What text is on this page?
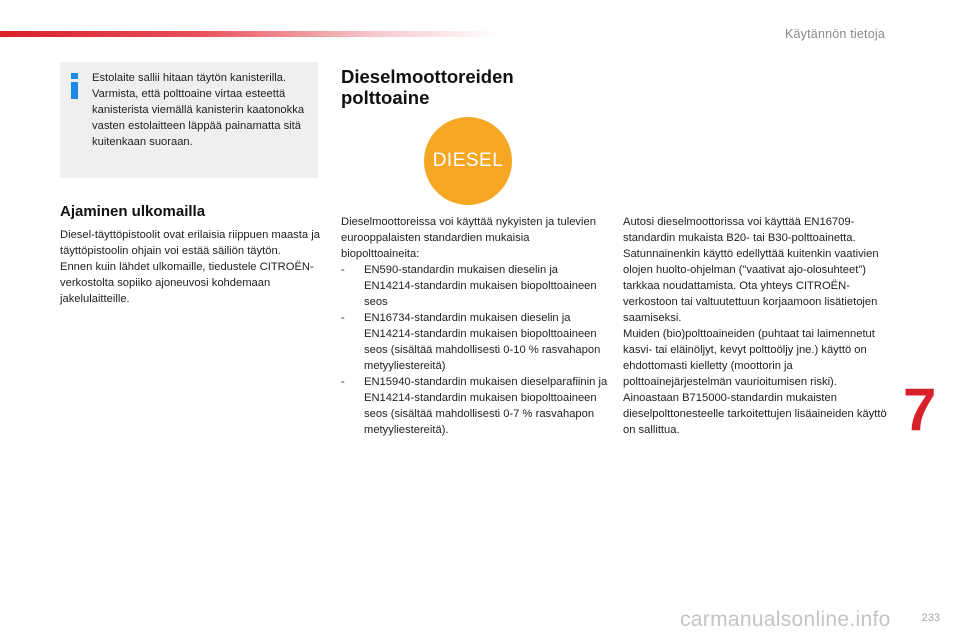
Käytännön tietoja
Estolaite sallii hitaan täytön kanisterilla. Varmista, että polttoaine virtaa esteettä kanisterista viemällä kanisterin kaatonokka vasten estolaitteen läppää painamatta sitä kuitenkaan suoraan.
Ajaminen ulkomailla
Diesel-täyttöpistoolit ovat erilaisia riippuen maasta ja täyttöpistoolin ohjain voi estää säiliön täytön.
Ennen kuin lähdet ulkomaille, tiedustele CITROËN-verkostolta sopiiko ajoneuvosi kohdemaan jakelulaitteille.
Dieselmoottoreiden polttoaine
DIESEL
Dieselmoottoreissa voi käyttää nykyisten ja tulevien eurooppalaisten standardien mukaisia biopolttoaineita:
- EN590-standardin mukaisen dieselin ja EN14214-standardin mukaisen biopolttoaineen seos
- EN16734-standardin mukaisen dieselin ja EN14214-standardin mukaisen biopolttoaineen seos (sisältää mahdollisesti 0-10 % rasvahapon metyyliestereitä)
- EN15940-standardin mukaisen dieselparafiinin ja EN14214-standardin mukaisen biopolttoaineen seos (sisältää mahdollisesti 0-7 % rasvahapon metyyliestereitä).

Autosi dieselmoottorissa voi käyttää EN16709-standardin mukaista B20- tai B30-polttoainetta. Satunnainenkin käyttö edellyttää kuitenkin vaativien olojen huolto-ohjelman ("vaativat ajo-olosuhteet") tarkkaa noudattamista. Ota yhteys CITROËN-verkostoon tai valtuutettuun korjaamoon lisätietojen saamiseksi.

Muiden (bio)polttoaineiden (puhtaat tai laimennetut kasvi- tai eläinöljyt, kevyt polttoöljy jne.) käyttö on ehdottomasti kielletty (moottorin ja polttoainejärjestelmän vaurioitumisen riski). Ainoastaan B715000-standardin mukaisten dieselpolttonesteelle tarkoitettujen lisäaineiden käyttö on sallittua.	7
233
carmanualsonline.info
